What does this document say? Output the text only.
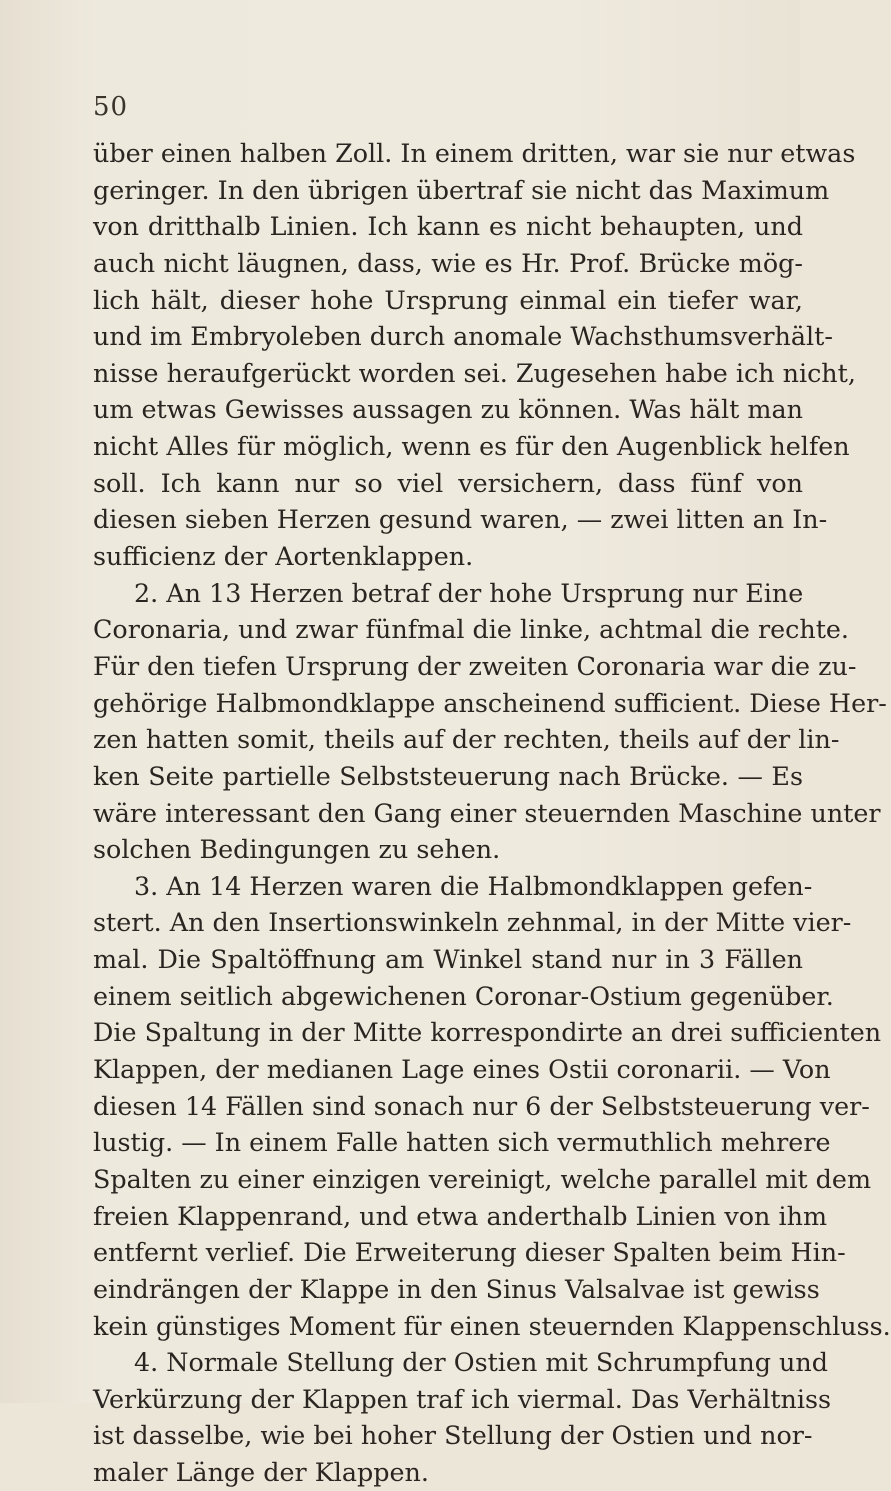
50
über einen halben Zoll. In einem dritten, war sie nur etwas
geringer. In den übrigen übertraf sie nicht das Maximum
von dritthalb Linien. Ich kann es nicht behaupten, und
auch nicht läugnen, dass, wie es Hr. Prof. Brücke mög-
lich hält, dieser hohe Ursprung einmal ein tiefer war,
und im Embryoleben durch anomale Wachsthumsverhält-
nisse heraufgerückt worden sei. Zugesehen habe ich nicht,
um etwas Gewisses aussagen zu können. Was hält man
nicht Alles für möglich, wenn es für den Augenblick helfen
soll. Ich kann nur so viel versichern, dass fünf von
diesen sieben Herzen gesund waren, — zwei litten an In-
sufficienz der Aortenklappen.
2. An 13 Herzen betraf der hohe Ursprung nur Eine
Coronaria, und zwar fünfmal die linke, achtmal die rechte.
Für den tiefen Ursprung der zweiten Coronaria war die zu-
gehörige Halbmondklappe anscheinend sufficient. Diese Her-
zen hatten somit, theils auf der rechten, theils auf der lin-
ken Seite partielle Selbststeuerung nach Brücke. — Es
wäre interessant den Gang einer steuernden Maschine unter
solchen Bedingungen zu sehen.
3. An 14 Herzen waren die Halbmondklappen gefen-
stert. An den Insertionswinkeln zehnmal, in der Mitte vier-
mal. Die Spaltöffnung am Winkel stand nur in 3 Fällen
einem seitlich abgewichenen Coronar-Ostium gegenüber.
Die Spaltung in der Mitte korrespondirte an drei sufficienten
Klappen, der medianen Lage eines Ostii coronarii. — Von
diesen 14 Fällen sind sonach nur 6 der Selbststeuerung ver-
lustig. — In einem Falle hatten sich vermuthlich mehrere
Spalten zu einer einzigen vereinigt, welche parallel mit dem
freien Klappenrand, und etwa anderthalb Linien von ihm
entfernt verlief. Die Erweiterung dieser Spalten beim Hin-
eindrängen der Klappe in den Sinus Valsalvae ist gewiss
kein günstiges Moment für einen steuernden Klappenschluss.
4. Normale Stellung der Ostien mit Schrumpfung und
Verkürzung der Klappen traf ich viermal. Das Verhältniss
ist dasselbe, wie bei hoher Stellung der Ostien und nor-
maler Länge der Klappen.
